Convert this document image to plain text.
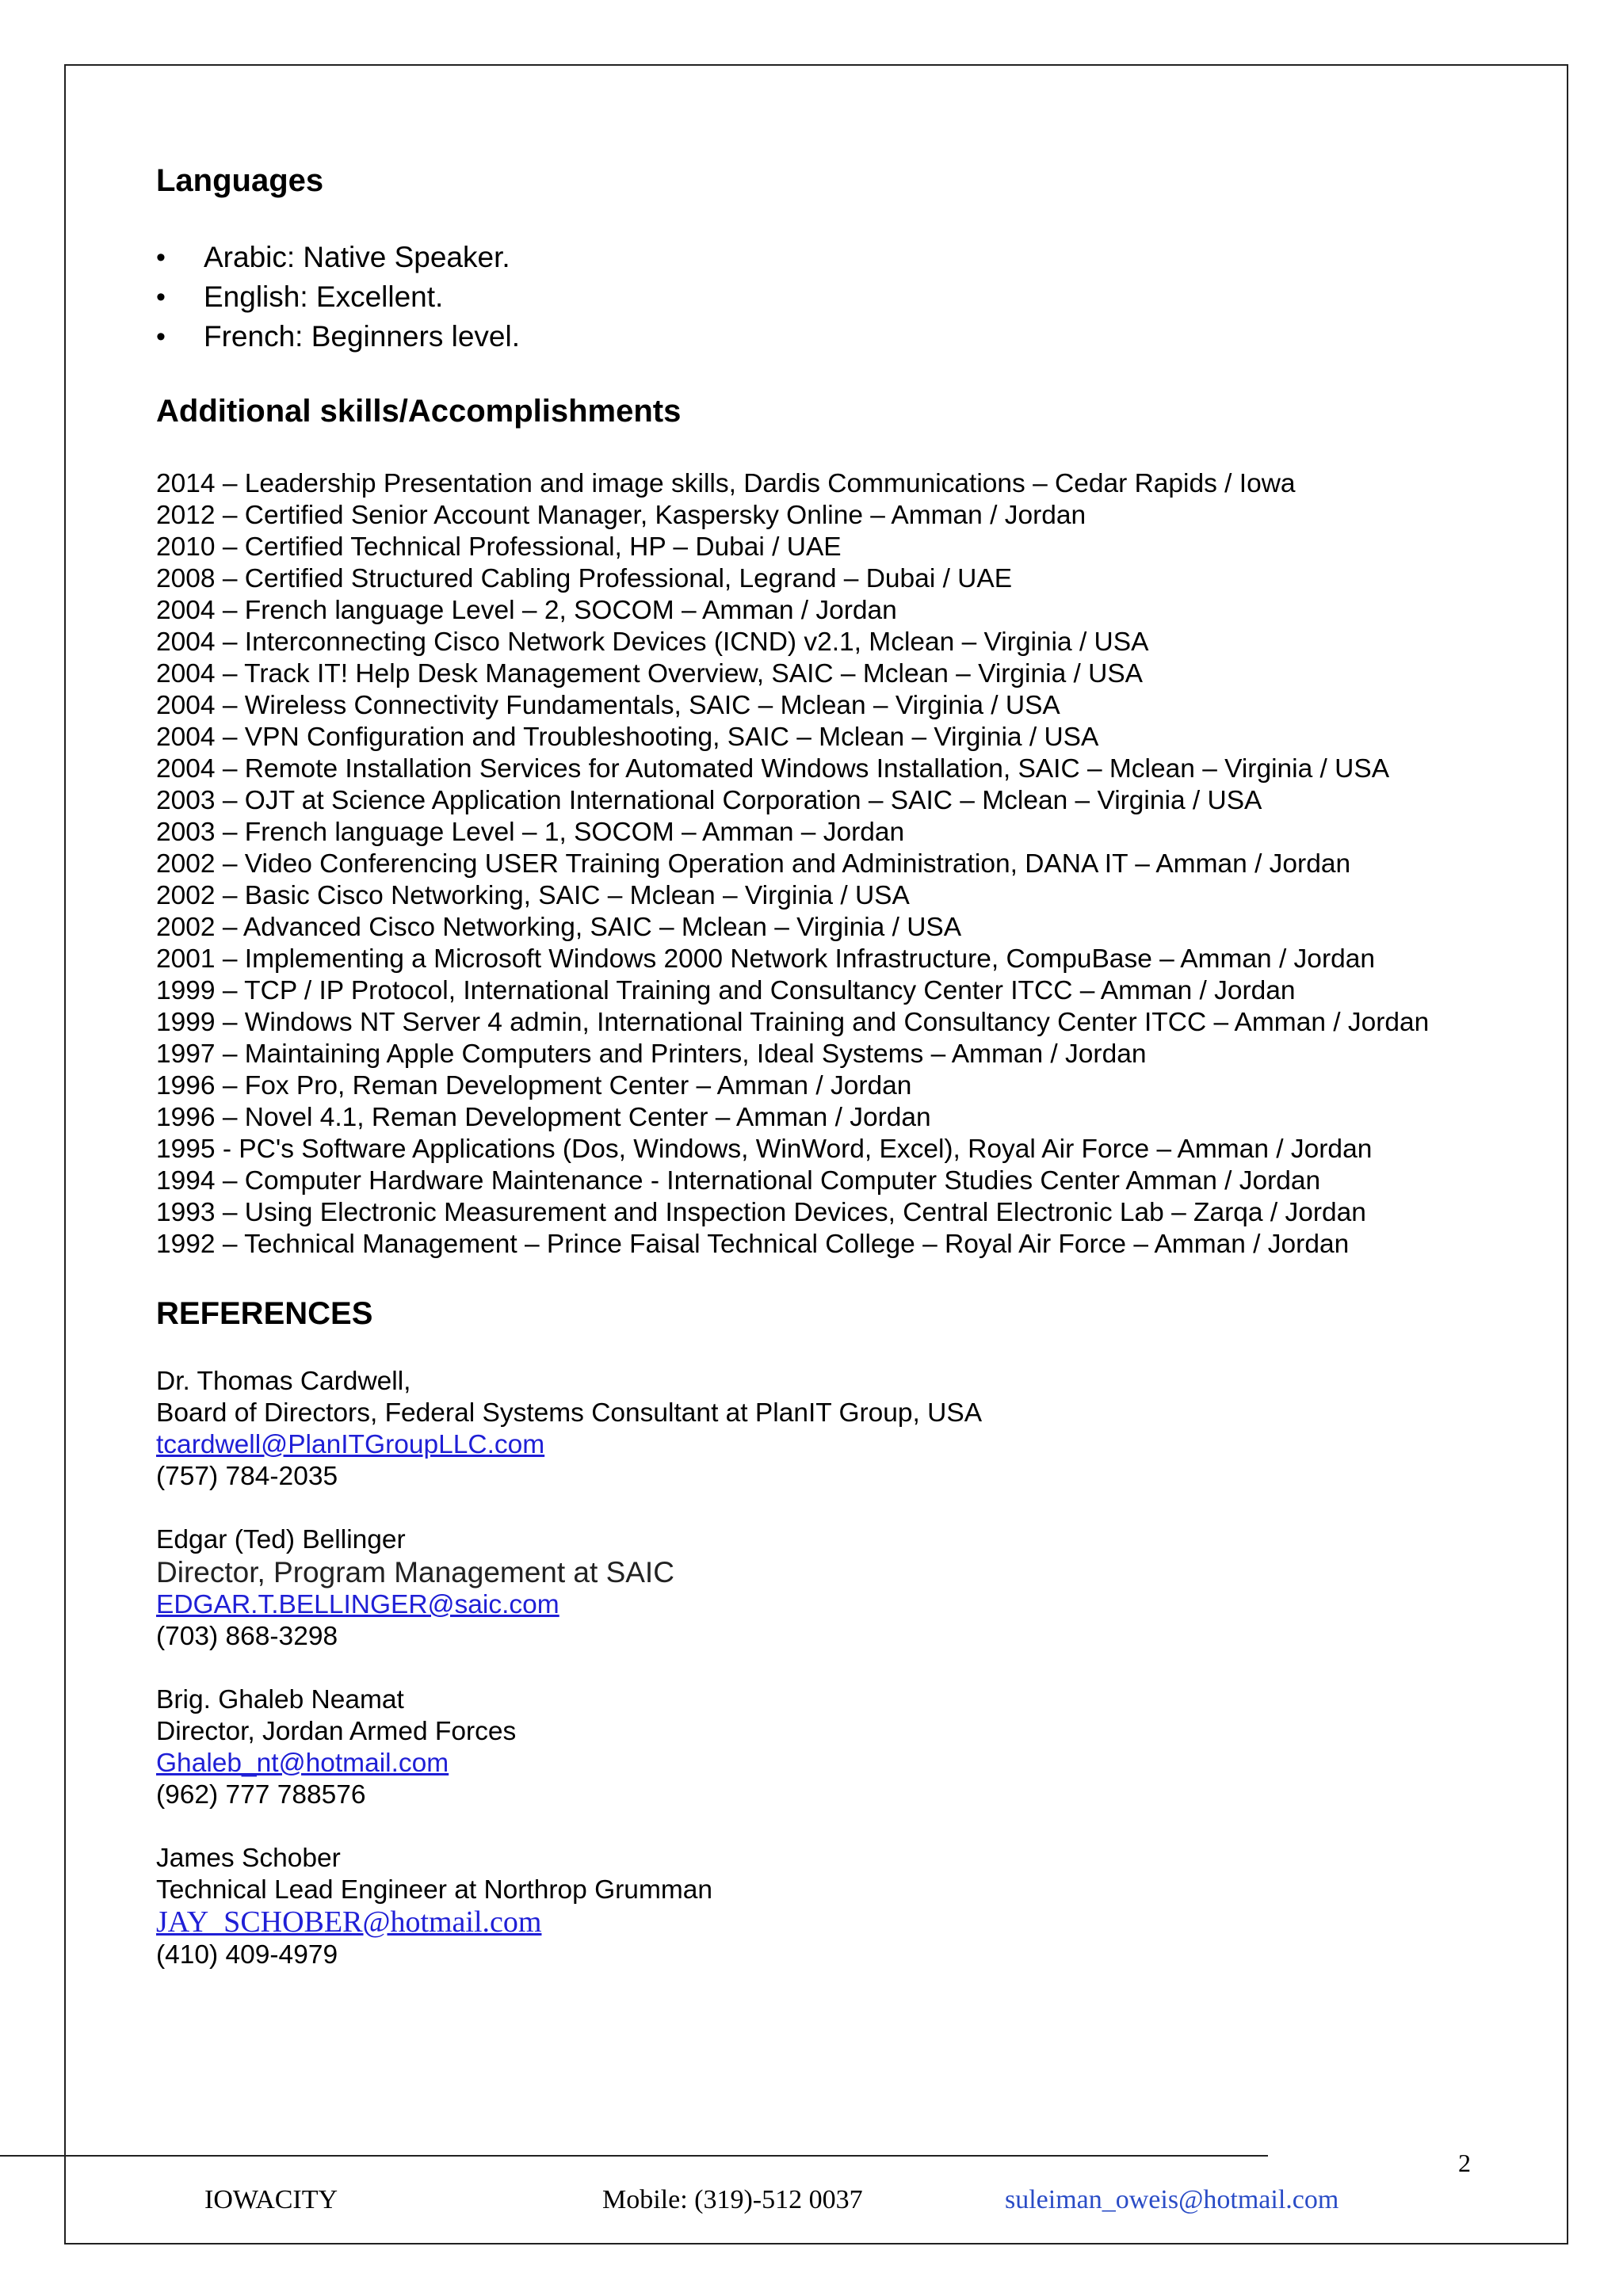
Languages
• Arabic: Native Speaker.
• English: Excellent.
• French: Beginners level.
Additional skills/Accomplishments
2014 – Leadership Presentation and image skills, Dardis Communications – Cedar Rapids / Iowa
2012 – Certified Senior Account Manager, Kaspersky Online – Amman / Jordan
2010 – Certified Technical Professional, HP – Dubai / UAE
2008 – Certified Structured Cabling Professional, Legrand – Dubai / UAE
2004 – French language Level – 2, SOCOM – Amman / Jordan
2004 – Interconnecting Cisco Network Devices (ICND) v2.1, Mclean – Virginia / USA
2004 – Track IT! Help Desk Management Overview, SAIC – Mclean – Virginia / USA
2004 – Wireless Connectivity Fundamentals, SAIC – Mclean – Virginia / USA
2004 – VPN Configuration and Troubleshooting, SAIC – Mclean – Virginia / USA
2004 – Remote Installation Services for Automated Windows Installation, SAIC – Mclean – Virginia / USA
2003 – OJT at Science Application International Corporation – SAIC – Mclean – Virginia / USA
2003 – French language Level – 1, SOCOM – Amman – Jordan
2002 – Video Conferencing USER Training Operation and Administration, DANA IT – Amman / Jordan
2002 – Basic Cisco Networking, SAIC – Mclean – Virginia / USA
2002 – Advanced Cisco Networking, SAIC – Mclean – Virginia / USA
2001 – Implementing a Microsoft Windows 2000 Network Infrastructure, CompuBase – Amman / Jordan
1999 – TCP / IP Protocol, International Training and Consultancy Center ITCC – Amman / Jordan
1999 – Windows NT Server 4 admin, International Training and Consultancy Center ITCC – Amman / Jordan
1997 – Maintaining Apple Computers and Printers, Ideal Systems – Amman / Jordan
1996 – Fox Pro, Reman Development Center – Amman / Jordan
1996 – Novel 4.1, Reman Development Center – Amman / Jordan
1995 - PC's Software Applications (Dos, Windows, WinWord, Excel), Royal Air Force – Amman / Jordan
1994 – Computer Hardware Maintenance - International Computer Studies Center Amman / Jordan
1993 – Using Electronic Measurement and Inspection Devices, Central Electronic Lab – Zarqa / Jordan
1992 – Technical Management – Prince Faisal Technical College – Royal Air Force – Amman / Jordan
REFERENCES
Dr. Thomas Cardwell,
Board of Directors, Federal Systems Consultant at PlanIT Group, USA
tcardwell@PlanITGroupLLC.com
(757) 784-2035
Edgar (Ted) Bellinger
Director, Program Management at SAIC
EDGAR.T.BELLINGER@saic.com
(703) 868-3298
Brig. Ghaleb Neamat
Director, Jordan Armed Forces
Ghaleb_nt@hotmail.com
(962) 777 788576
James Schober
Technical Lead Engineer at Northrop Grumman
JAY_SCHOBER@hotmail.com
(410) 409-4979
2
IOWACITY	Mobile: (319)-512 0037	suleiman_oweis@hotmail.com
